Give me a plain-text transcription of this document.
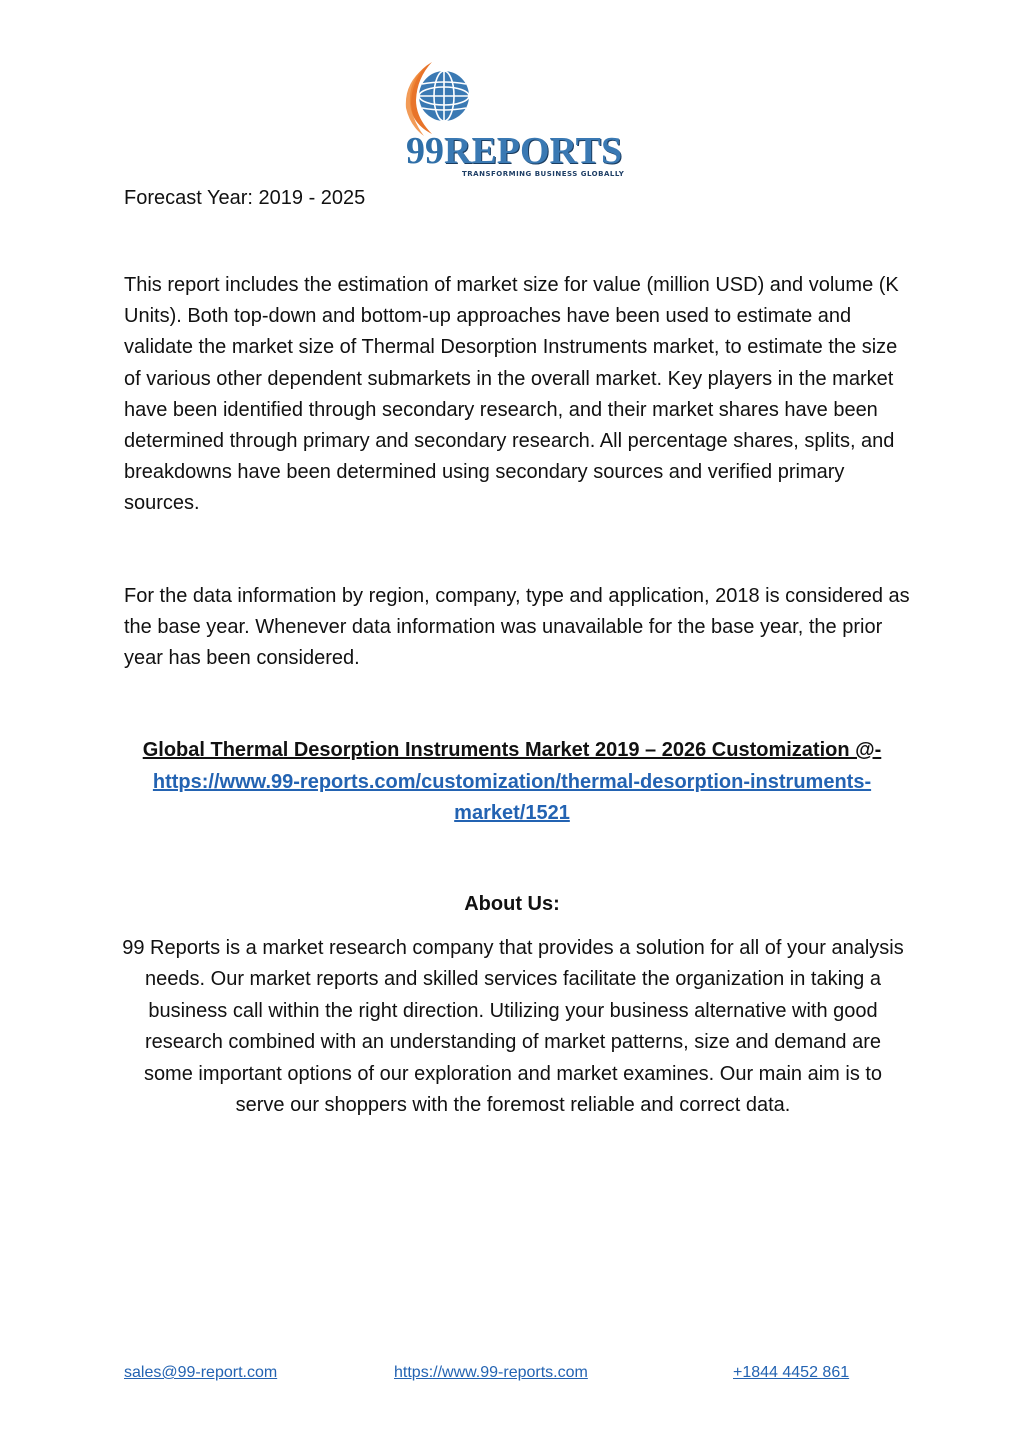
99REPORTS
TRANSFORMING BUSINESS GLOBALLY

Forecast Year: 2019 - 2025

This report includes the estimation of market size for value (million USD) and volume (K Units). Both top-down and bottom-up approaches have been used to estimate and validate the market size of Thermal Desorption Instruments market, to estimate the size of various other dependent submarkets in the overall market. Key players in the market have been identified through secondary research, and their market shares have been determined through primary and secondary research. All percentage shares, splits, and breakdowns have been determined using secondary sources and verified primary sources.

For the data information by region, company, type and application, 2018 is considered as the base year. Whenever data information was unavailable for the base year, the prior year has been considered.

Global Thermal Desorption Instruments Market 2019 – 2026 Customization @-https://www.99-reports.com/customization/thermal-desorption-instruments-market/1521

About Us:

99 Reports is a market research company that provides a solution for all of your analysis needs. Our market reports and skilled services facilitate the organization in taking a business call within the right direction. Utilizing your business alternative with good research combined with an understanding of market patterns, size and demand are some important options of our exploration and market examines. Our main aim is to serve our shoppers with the foremost reliable and correct data.

sales@99-report.com	https://www.99-reports.com	+1844 4452 861
